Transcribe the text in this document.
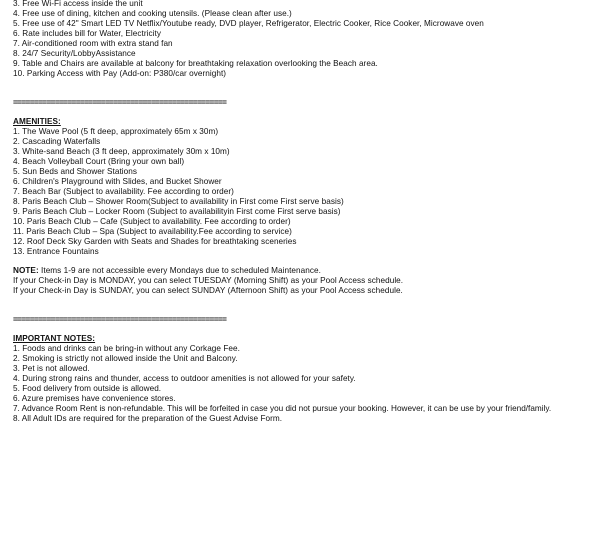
3. Free Wi-Fi access inside the unit
4. Free use of dining, kitchen and cooking utensils. (Please clean after use.)
5. Free use of 42" Smart LED TV Netflix/Youtube ready, DVD player, Refrigerator, Electric Cooker, Rice Cooker, Microwave oven
6. Rate includes bill for Water, Electricity
7. Air-conditioned room with extra stand fan
8. 24/7 Security/LobbyAssistance
9. Table and Chairs are available at balcony for breathtaking relaxation overlooking the Beach area.
10. Parking Access with Pay (Add-on: P380/car overnight)
===================================================
AMENITIES:
1. The Wave Pool (5 ft deep, approximately 65m x 30m)
2. Cascading Waterfalls
3. White-sand Beach (3 ft deep, approximately 30m x 10m)
4. Beach Volleyball Court (Bring your own ball)
5. Sun Beds and Shower Stations
6. Children's Playground with Slides, and Bucket Shower
7. Beach Bar (Subject to availability. Fee according to order)
8. Paris Beach Club – Shower Room(Subject to availability in First come First serve basis)
9. Paris Beach Club – Locker Room (Subject to availabilityin First come First serve basis)
10. Paris Beach Club – Cafe (Subject to availability. Fee according to order)
11. Paris Beach Club – Spa (Subject to availability.Fee according to service)
12. Roof Deck Sky Garden with Seats and Shades for breathtaking sceneries
13. Entrance Fountains
NOTE: Items 1-9 are not accessible every Mondays due to scheduled Maintenance.
If your Check-in Day is MONDAY, you can select TUESDAY (Morning Shift) as your Pool Access schedule.
If your Check-in Day is SUNDAY, you can select SUNDAY (Afternoon Shift) as your Pool Access schedule.
===================================================
IMPORTANT NOTES:
1. Foods and drinks can be bring-in without any Corkage Fee.
2. Smoking is strictly not allowed inside the Unit and Balcony.
3. Pet is not allowed.
4. During strong rains and thunder, access to outdoor amenities is not allowed for your safety.
5. Food delivery from outside is allowed.
6. Azure premises have convenience stores.
7. Advance Room Rent is non-refundable. This will be forfeited in case you did not pursue your booking. However, it can be use by your friend/family.
8. All Adult IDs are required for the preparation of the Guest Advise Form.
